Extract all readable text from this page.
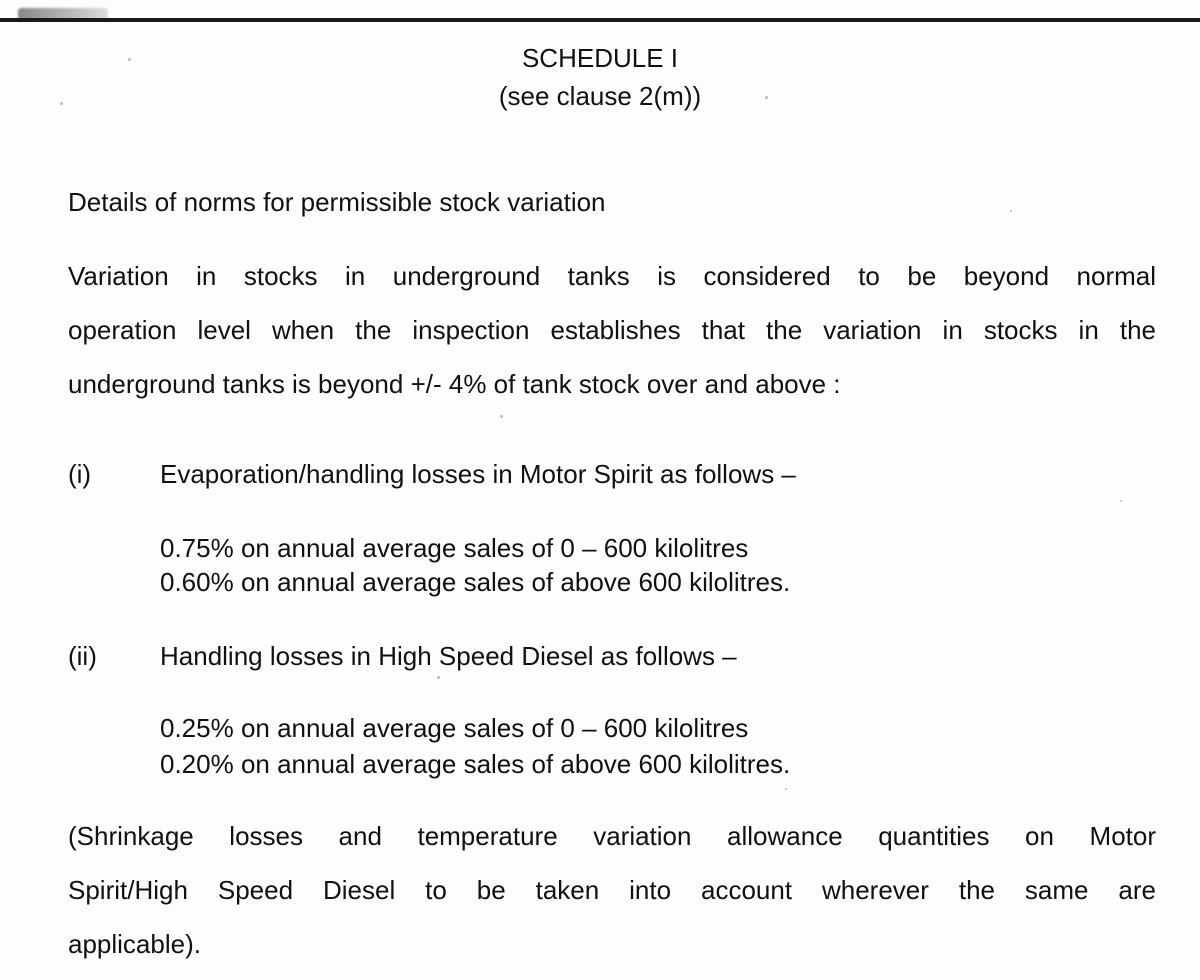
SCHEDULE I
(see clause 2(m))
Details of norms for permissible stock variation
Variation in stocks in underground tanks is considered to be beyond normal
operation level when the inspection establishes that the variation in stocks in the
underground tanks is beyond +/- 4% of tank stock over and above :
(i)	Evaporation/handling losses in Motor Spirit as follows –
0.75% on annual average sales of 0 – 600 kilolitres
0.60% on annual average sales of above 600 kilolitres.
(ii) Handling losses in High Speed Diesel as follows –
0.25% on annual average sales of 0 – 600 kilolitres
0.20% on annual average sales of above 600 kilolitres.
(Shrinkage losses and temperature variation allowance quantities on Motor
Spirit/High Speed Diesel to be taken into account wherever the same are
applicable).
